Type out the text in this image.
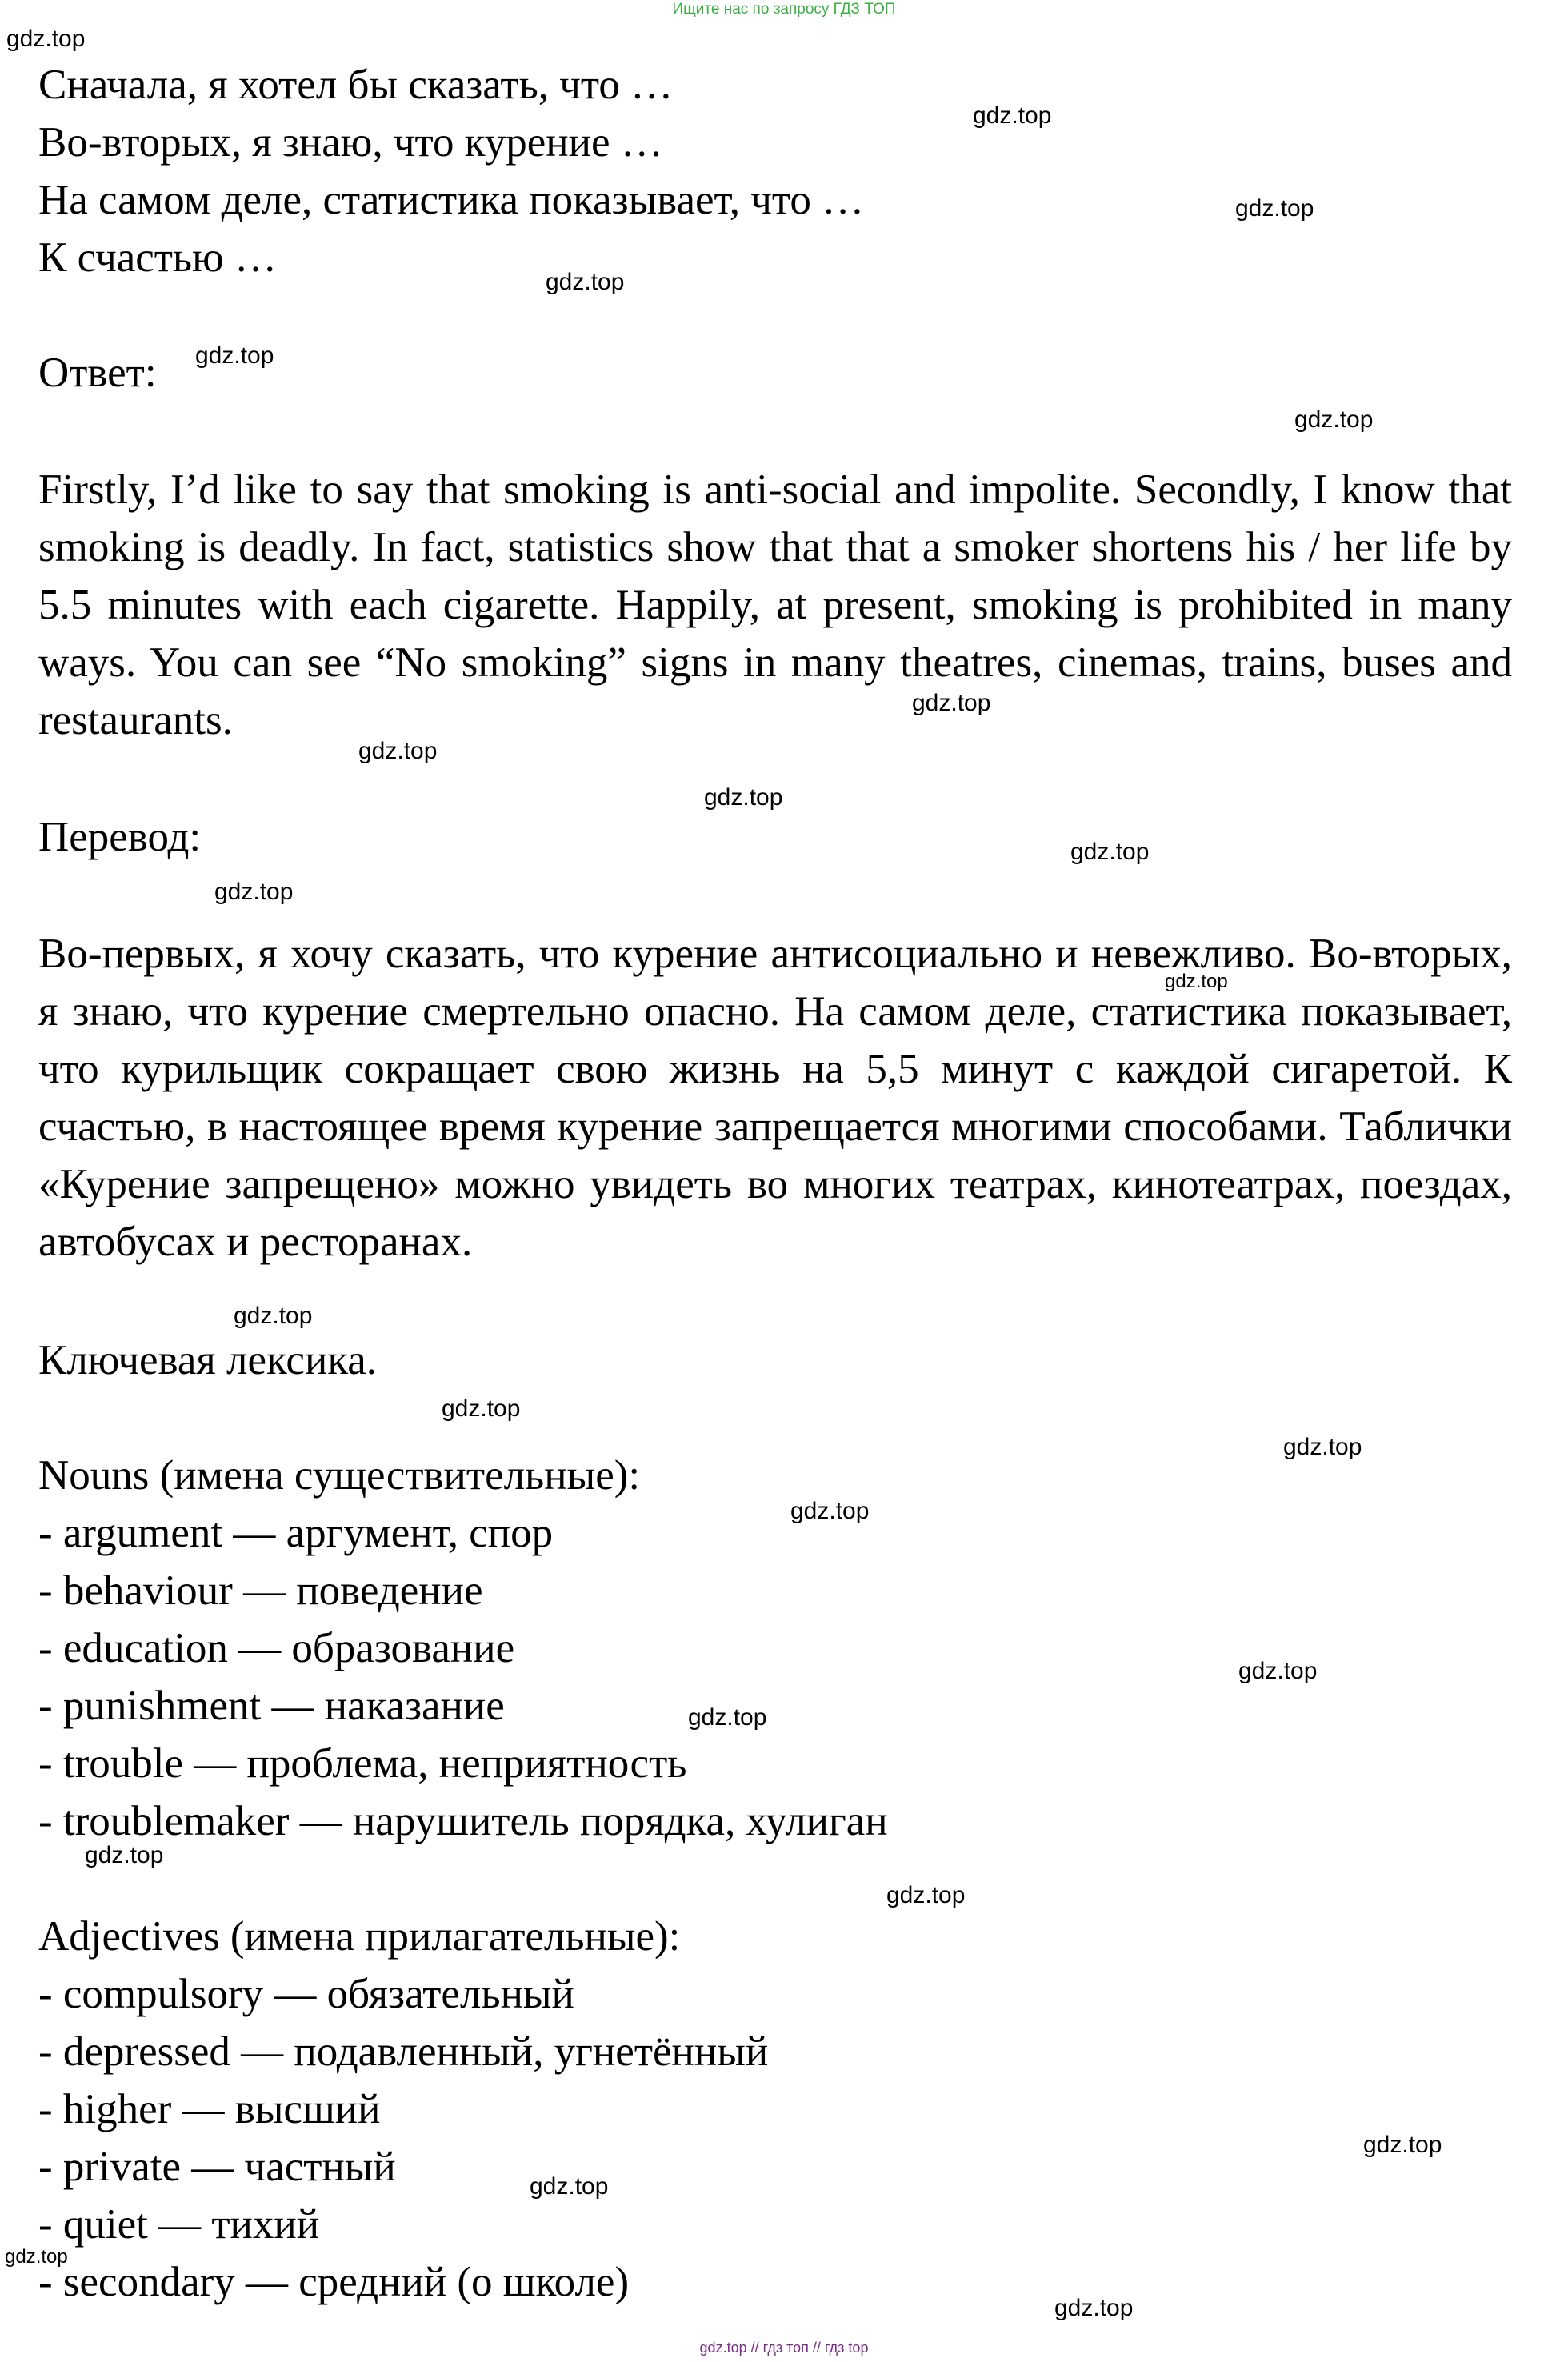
Ищите нас по запросу ГДЗ ТОП
gdz.top // гдз топ // гдз top
Сначала, я хотел бы сказать, что …
Во-вторых, я знаю, что курение …
На самом деле, статистика показывает, что …
К счастью …
Ответ:

Firstly, I’d like to say that smoking is anti-social and impolite. Secondly, I know that smoking is deadly. In fact, statistics show that that a smoker shortens his / her life by 5.5 minutes with each cigarette. Happily, at present, smoking is prohibited in many ways. You can see “No smoking” signs in many theatres, cinemas, trains, buses and restaurants.

Перевод:

Во-первых, я хочу сказать, что курение антисоциально и невежливо. Во-вторых, я знаю, что курение смертельно опасно. На самом деле, статистика показывает, что курильщик сокращает свою жизнь на 5,5 минут с каждой сигаретой. К счастью, в настоящее время курение запрещается многими способами. Таблички «Курение запрещено» можно увидеть во многих театрах, кинотеатрах, поездах, автобусах и ресторанах.

Ключевая лексика.
Nouns (имена существительные):
- argument — аргумент, спор
- behaviour — поведение
- education — образование
- punishment — наказание
- trouble — проблема, неприятность
- troublemaker — нарушитель порядка, хулиган
Adjectives (имена прилагательные):
- compulsory — обязательный
- depressed — подавленный, угнетённый
- higher — высший
- private — частный
- quiet — тихий
- secondary — средний (о школе)
gdz.top
gdz.top
gdz.top
gdz.top
gdz.top
gdz.top
gdz.top
gdz.top
gdz.top
gdz.top
gdz.top
gdz.top
gdz.top
gdz.top
gdz.top
gdz.top
gdz.top
gdz.top
gdz.top
gdz.top
gdz.top
gdz.top
gdz.top
gdz.top
